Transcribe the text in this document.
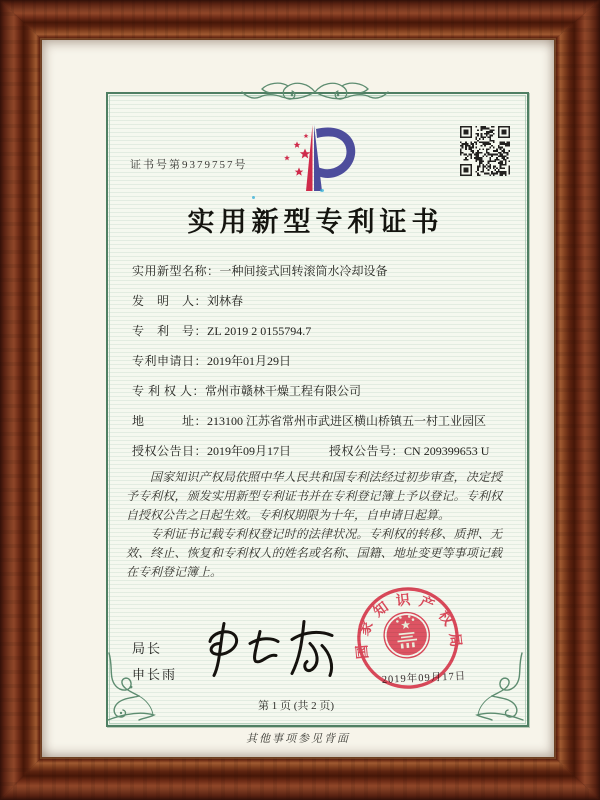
证书号第9379757号
实用新型专利证书
实用新型名称：一种间接式回转滚筒水冷却设备
发　明　人：刘林春
专　利　号：ZL 2019 2 0155794.7
专利申请日：2019年01月29日
专 利 权 人：常州市赣林干燥工程有限公司
地　　　址：213100 江苏省常州市武进区横山桥镇五一村工业园区
授权公告日：2019年09月17日	授权公告号：CN 209399653 U

国家知识产权局依照中华人民共和国专利法经过初步审查，决定授予专利权，颁发实用新型专利证书并在专利登记簿上予以登记。专利权自授权公告之日起生效。专利权期限为十年，自申请日起算。

专利证书记载专利权登记时的法律状况。专利权的转移、质押、无效、终止、恢复和专利权人的姓名或名称、国籍、地址变更等事项记载在专利登记簿上。

局长
申长雨	2019年09月17日
国家知识产权局
第 1 页 (共 2 页)
其他事项参见背面
